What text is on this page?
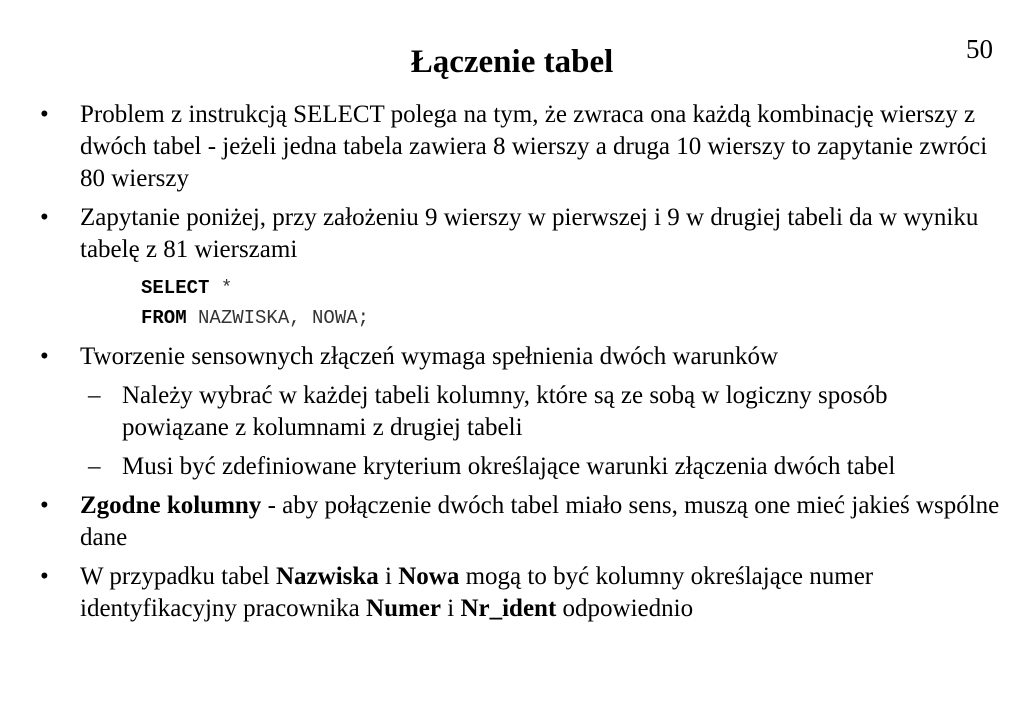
50
Łączenie tabel
•	Problem z instrukcją SELECT polega na tym, że zwraca ona każdą kombinację wierszy z dwóch tabel - jeżeli jedna tabela zawiera 8 wierszy a druga 10 wierszy to zapytanie zwróci 80 wierszy
•	Zapytanie poniżej, przy założeniu 9 wierszy w pierwszej i 9 w drugiej tabeli da w wyniku tabelę z 81 wierszami
SELECT *
FROM NAZWISKA, NOWA;
•	Tworzenie sensownych złączeń wymaga spełnienia dwóch warunków
– Należy wybrać w każdej tabeli kolumny, które są ze sobą w logiczny sposób powiązane z kolumnami z drugiej tabeli
– Musi być zdefiniowane kryterium określające warunki złączenia dwóch tabel
•	Zgodne kolumny - aby połączenie dwóch tabel miało sens, muszą one mieć jakieś wspólne dane
•	W przypadku tabel Nazwiska i Nowa mogą to być kolumny określające numer identyfikacyjny pracownika Numer i Nr_ident odpowiednio
